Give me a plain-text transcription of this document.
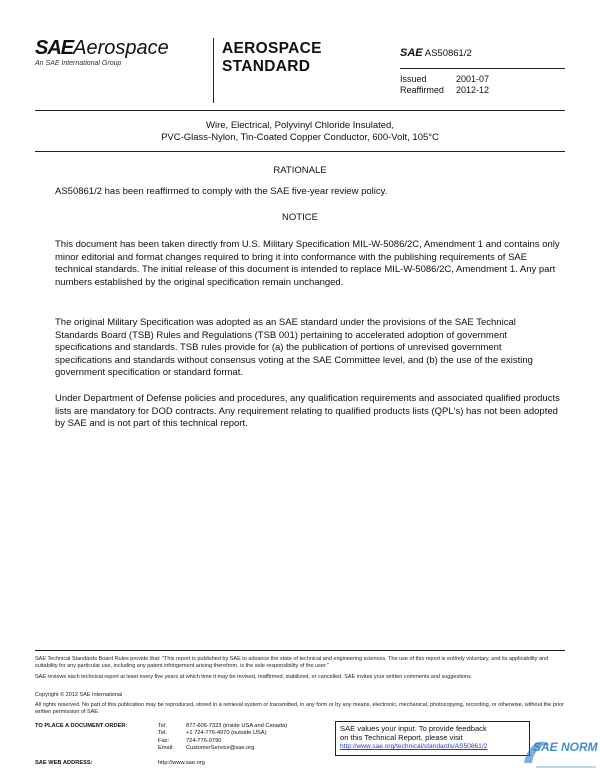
SAEAerospace
An SAE International Group
AEROSPACE
STANDARD
SAE AS50861/2
Issued	2001-07
Reaffirmed	2012-12
Wire, Electrical, Polyvinyl Chloride Insulated,
PVC-Glass-Nylon, Tin-Coated Copper Conductor, 600-Volt, 105°C
RATIONALE
AS50861/2 has been reaffirmed to comply with the SAE five-year review policy.
NOTICE
This document has been taken directly from U.S. Military Specification MIL-W-5086/2C, Amendment 1 and contains only minor editorial and format changes required to bring it into conformance with the publishing requirements of SAE technical standards. The initial release of this document is intended to replace MIL-W-5086/2C, Amendment 1. Any part numbers established by the original specification remain unchanged.
The original Military Specification was adopted as an SAE standard under the provisions of the SAE Technical Standards Board (TSB) Rules and Regulations (TSB 001) pertaining to accelerated adoption of government specifications and standards. TSB rules provide for (a) the publication of portions of unrevised government specifications and standards without consensus voting at the SAE Committee level, and (b) the use of the existing government specification or standard format.
Under Department of Defense policies and procedures, any qualification requirements and associated qualified products lists are mandatory for DOD contracts. Any requirement relating to qualified products lists (QPL's) has not been adopted by SAE and is not part of this technical report.
SAE Technical Standards Board Rules provide that: "This report is published by SAE to advance the state of technical and engineering sciences. The use of this report is entirely voluntary, and its applicability and suitability for any particular use, including any patent infringement arising therefrom, is the sole responsibility of the user."
SAE reviews each technical report at least every five years at which time it may be revised, reaffirmed, stabilized, or cancelled. SAE invites your written comments and suggestions.
Copyright © 2012 SAE International
All rights reserved. No part of this publication may be reproduced, stored in a retrieval system or transmitted, in any form or by any means, electronic, mechanical, photocopying, recording, or otherwise, without the prior written permission of SAE.
TO PLACE A DOCUMENT ORDER:	Tel:	877-606-7323 (inside USA and Canada)
Tel:	+1 724-776-4970 (outside USA)
Fax:	724-776-0790
Email:	CustomerService@sae.org
SAE WEB ADDRESS:	http://www.sae.org
SAE values your input. To provide feedback
on this Technical Report, please visit
http://www.sae.org/technical/standards/AS50861/2	SAE NORM
